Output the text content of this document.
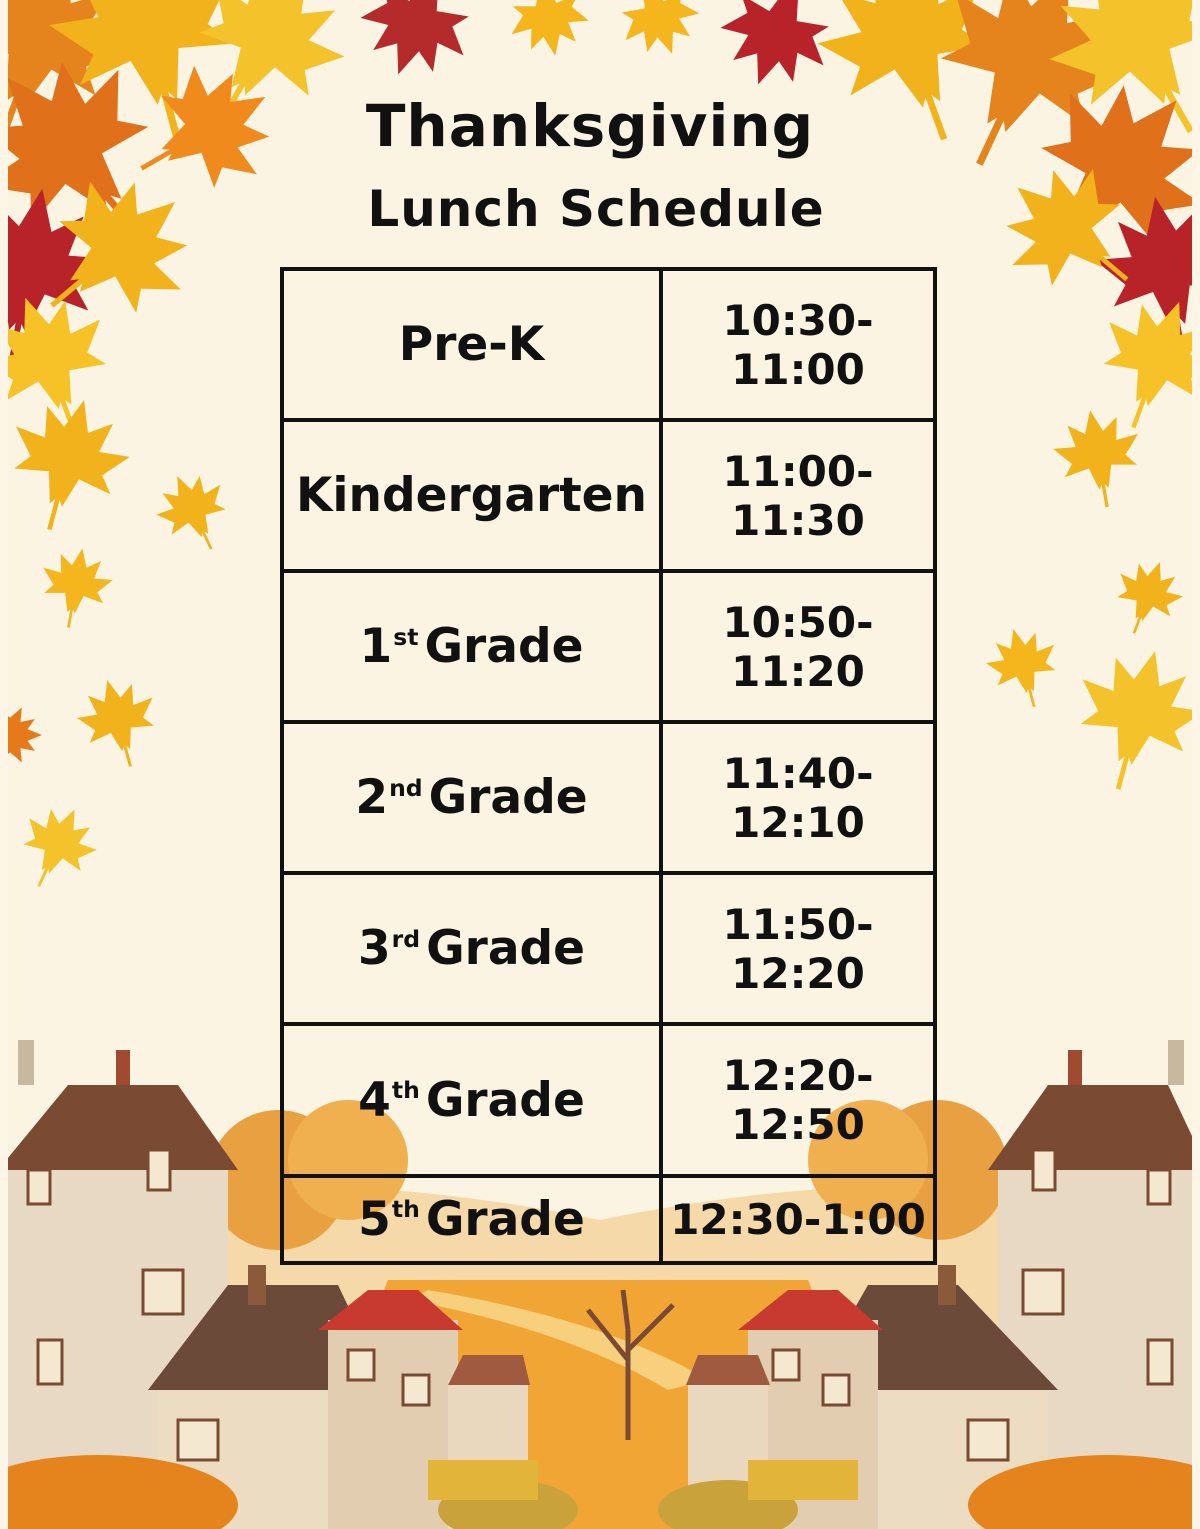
Thanksgiving
Lunch Schedule
Pre-K	10:30-11:00
Kindergarten	11:00-11:30
1st Grade	10:50-11:20
2nd Grade	11:40-12:10
3rd Grade	11:50-12:20
4th Grade	12:20-12:50
5th Grade	12:30-1:00
